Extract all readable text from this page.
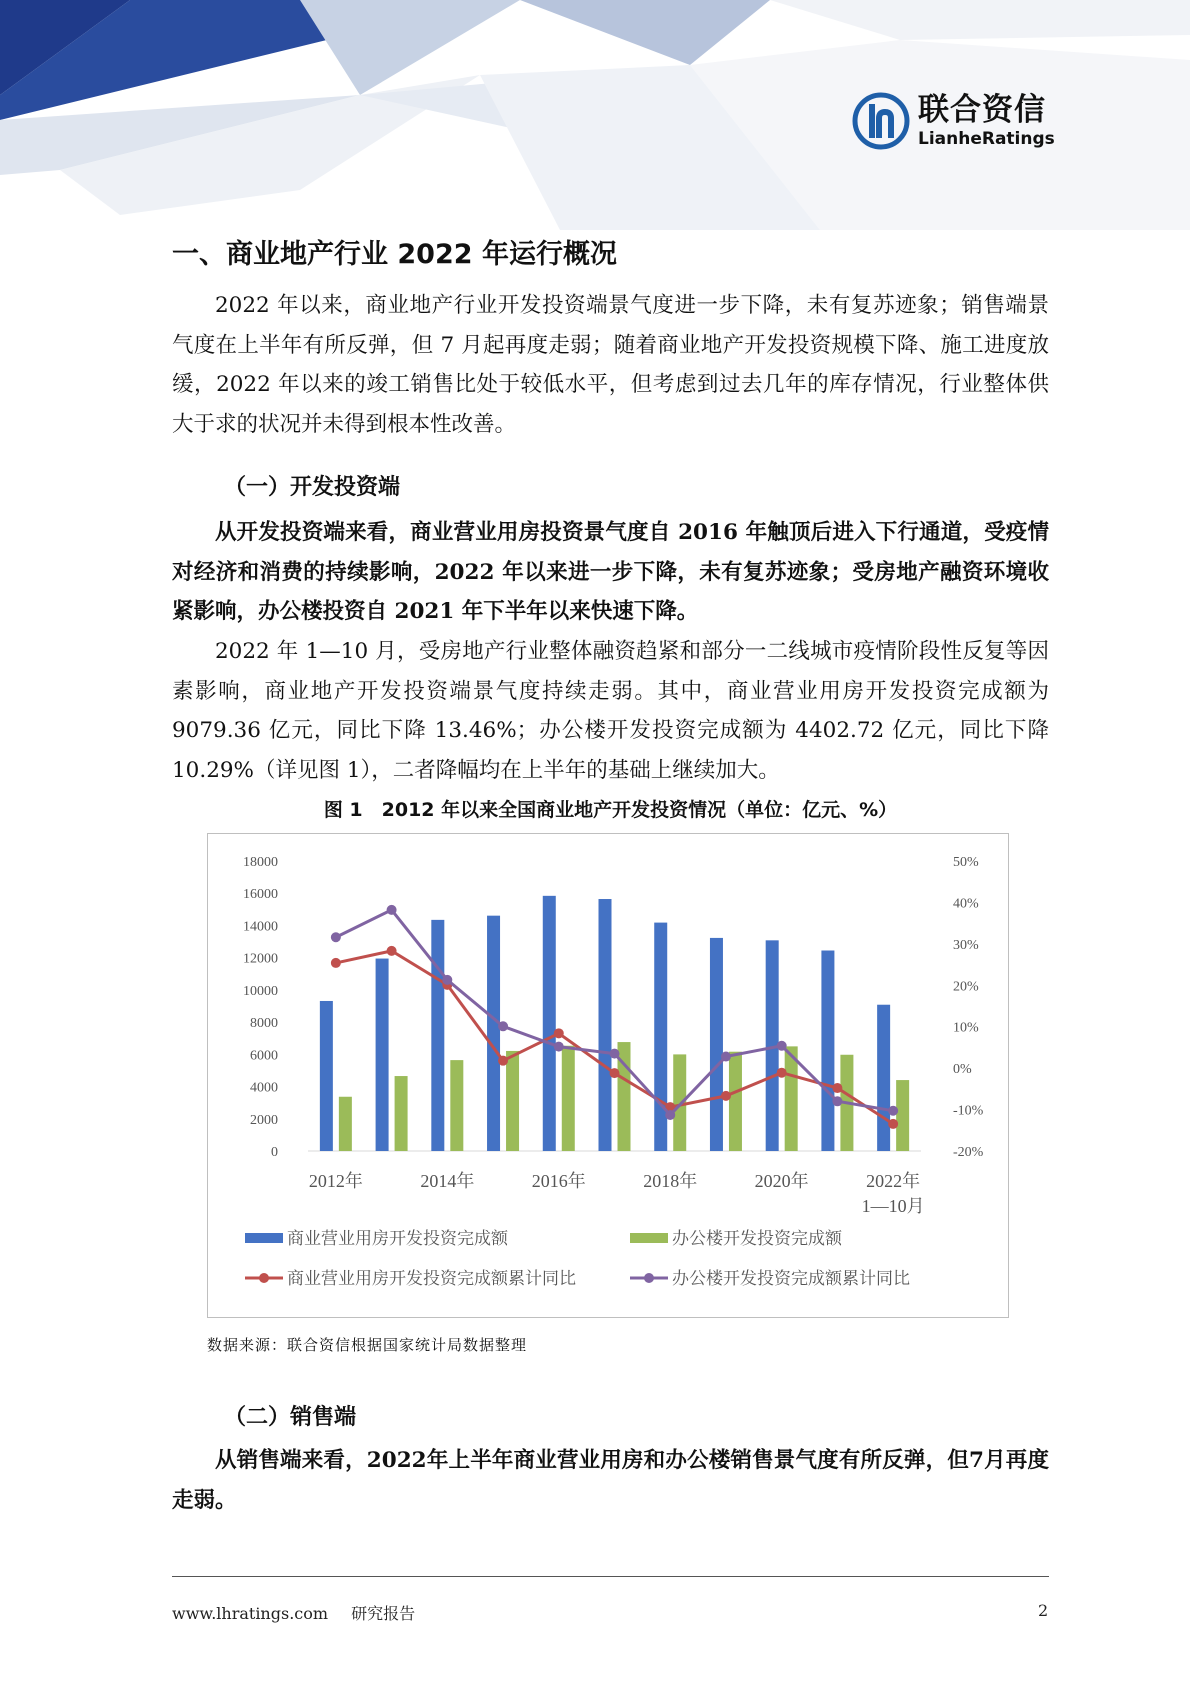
联合资信
LianheRatings
一、商业地产行业 2022 年运行概况

2022 年以来，商业地产行业开发投资端景气度进一步下降，未有复苏迹象；销售端景气度在上半年有所反弹，但 7 月起再度走弱；随着商业地产开发投资规模下降、施工进度放缓，2022 年以来的竣工销售比处于较低水平，但考虑到过去几年的库存情况，行业整体供大于求的状况并未得到根本性改善。

（一）开发投资端

从开发投资端来看，商业营业用房投资景气度自 2016 年触顶后进入下行通道，受疫情对经济和消费的持续影响，2022 年以来进一步下降，未有复苏迹象；受房地产融资环境收紧影响，办公楼投资自 2021 年下半年以来快速下降。

2022 年 1—10 月，受房地产行业整体融资趋紧和部分一二线城市疫情阶段性反复等因素影响，商业地产开发投资端景气度持续走弱。其中，商业营业用房开发投资完成额为 9079.36 亿元，同比下降 13.46%；办公楼开发投资完成额为 4402.72 亿元，同比下降 10.29%（详见图 1），二者降幅均在上半年的基础上继续加大。

图 1　2012 年以来全国商业地产开发投资情况（单位：亿元、%）
18000
16000
14000
12000
10000
8000
6000
4000
2000
0
50%
40%
30%
20%
10%
0%
-10%
-20%
2012年	2014年	2016年	2018年	2020年	2022年
1—10月
商业营业用房开发投资完成额	办公楼开发投资完成额
商业营业用房开发投资完成额累计同比	办公楼开发投资完成额累计同比
数据来源：联合资信根据国家统计局数据整理
（二）销售端

从销售端来看，2022年上半年商业营业用房和办公楼销售景气度有所反弹，但7月再度走弱。

www.lhratings.com 研究报告	2
